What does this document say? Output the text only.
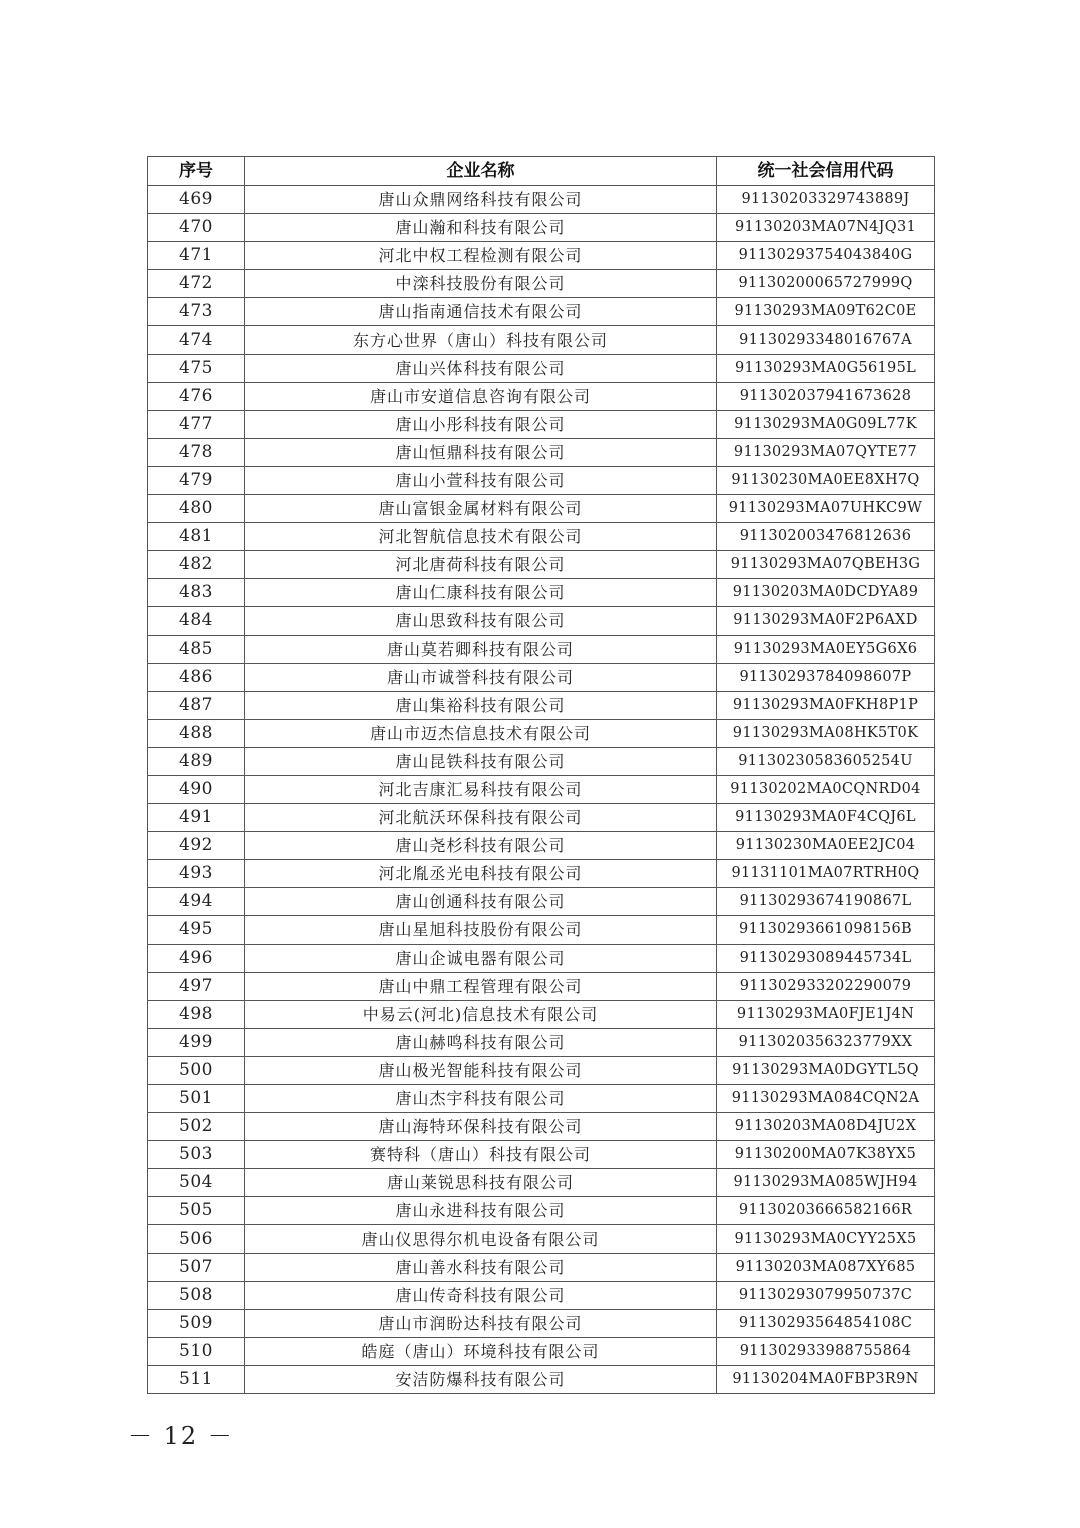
序号	企业名称	统一社会信用代码
469	唐山众鼎网络科技有限公司	91130203329743889J
470	唐山瀚和科技有限公司	91130203MA07N4JQ31
471	河北中权工程检测有限公司	91130293754043840G
472	中滦科技股份有限公司	91130200065727999Q
473	唐山指南通信技术有限公司	91130293MA09T62C0E
474	东方心世界（唐山）科技有限公司	91130293348016767A
475	唐山兴体科技有限公司	91130293MA0G56195L
476	唐山市安道信息咨询有限公司	911302037941673628
477	唐山小彤科技有限公司	91130293MA0G09L77K
478	唐山恒鼎科技有限公司	91130293MA07QYTE77
479	唐山小萱科技有限公司	91130230MA0EE8XH7Q
480	唐山富银金属材料有限公司	91130293MA07UHKC9W
481	河北智航信息技术有限公司	911302003476812636
482	河北唐荷科技有限公司	91130293MA07QBEH3G
483	唐山仁康科技有限公司	91130203MA0DCDYA89
484	唐山思致科技有限公司	91130293MA0F2P6AXD
485	唐山莫若卿科技有限公司	91130293MA0EY5G6X6
486	唐山市诚誉科技有限公司	91130293784098607P
487	唐山集裕科技有限公司	91130293MA0FKH8P1P
488	唐山市迈杰信息技术有限公司	91130293MA08HK5T0K
489	唐山昆铁科技有限公司	91130230583605254U
490	河北吉康汇易科技有限公司	91130202MA0CQNRD04
491	河北航沃环保科技有限公司	91130293MA0F4CQJ6L
492	唐山尧杉科技有限公司	91130230MA0EE2JC04
493	河北胤丞光电科技有限公司	91131101MA07RTRH0Q
494	唐山创通科技有限公司	91130293674190867L
495	唐山星旭科技股份有限公司	91130293661098156B
496	唐山企诚电器有限公司	91130293089445734L
497	唐山中鼎工程管理有限公司	911302933202290079
498	中易云(河北)信息技术有限公司	91130293MA0FJE1J4N
499	唐山赫鸣科技有限公司	9113020356323779XX
500	唐山极光智能科技有限公司	91130293MA0DGYTL5Q
501	唐山杰宇科技有限公司	91130293MA084CQN2A
502	唐山海特环保科技有限公司	91130203MA08D4JU2X
503	赛特科（唐山）科技有限公司	91130200MA07K38YX5
504	唐山莱锐思科技有限公司	91130293MA085WJH94
505	唐山永进科技有限公司	91130203666582166R
506	唐山仪思得尔机电设备有限公司	91130293MA0CYY25X5
507	唐山善水科技有限公司	91130203MA087XY685
508	唐山传奇科技有限公司	91130293079950737C
509	唐山市润盼达科技有限公司	91130293564854108C
510	皓庭（唐山）环境科技有限公司	911302933988755864
511	安洁防爆科技有限公司	91130204MA0FBP3R9N
－ 12 －
